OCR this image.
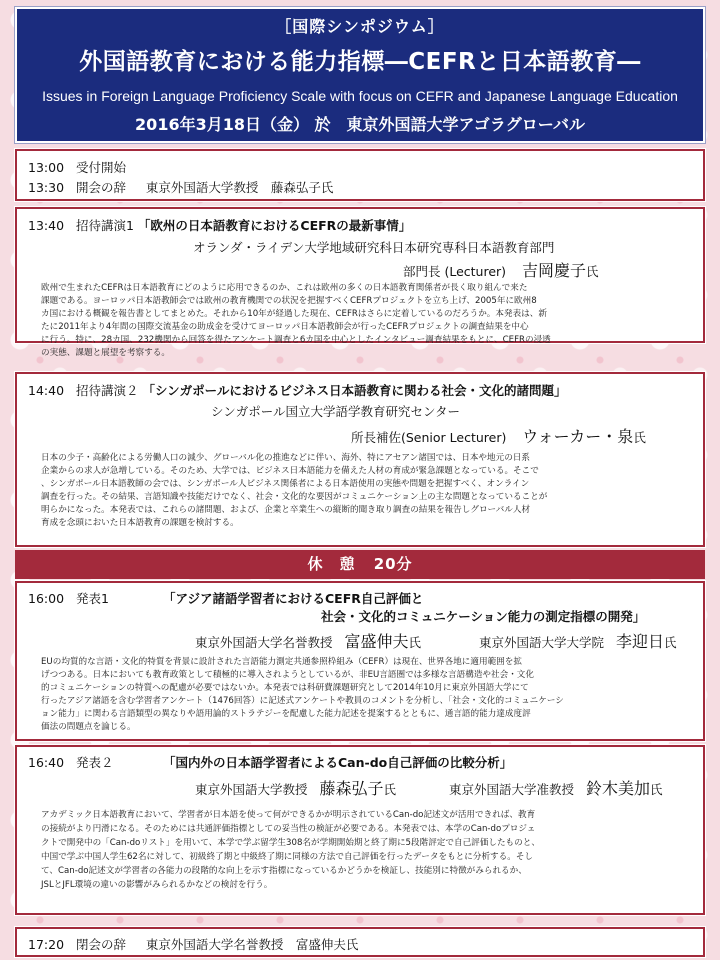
［国際シンポジウム］
外国語教育における能力指標―CEFRと日本語教育―
Issues in Foreign Language Proficiency Scale with focus on CEFR and Japanese Language Education
2016年3月18日（金） 於　東京外国語大学アゴラグローバル
13:00 受付開始
13:30 開会の辞 東京外国語大学教授　藤森弘子氏
13:40 招待講演1 「欧州の日本語教育におけるCEFRの最新事情」
オランダ・ライデン大学地域研究科日本研究専科日本語教育部門
部門長 (Lecturer) 吉岡慶子氏
欧州で生まれたCEFRは日本語教育にどのように応用できるのか、これは欧州の多くの日本語教育関係者が長く取り組んで来た
課題である。ヨーロッパ日本語教師会では欧州の教育機関での状況を把握すべくCEFRプロジェクトを立ち上げ、2005年に欧州8
カ国における概観を報告書としてまとめた。それから10年が経過した現在、CEFRはさらに定着しているのだろうか。本発表は、新
たに2011年より4年間の国際交流基金の助成金を受けてヨーロッパ日本語教師会が行ったCEFRプロジェクトの調査結果を中心
に行う。特に、28カ国、232機関から回答を得たアンケート調査と6カ国を中心としたインタビュー調査結果をもとに、CEFRの浸透
の実態、課題と展望を考察する。
14:40 招待講演２ 「シンガポールにおけるビジネス日本語教育に関わる社会・文化的諸問題」
シンガポール国立大学語学教育研究センター
所長補佐(Senior Lecturer) ウォーカー・泉氏
日本の少子・高齢化による労働人口の減少、グローバル化の推進などに伴い、海外、特にアセアン諸国では、日本や地元の日系
企業からの求人が急増している。そのため、大学では、ビジネス日本語能力を備えた人材の育成が緊急課題となっている。そこで
、シンガポール日本語教師の会では、シンガポール人ビジネス関係者による日本語使用の実態や問題を把握すべく、オンライン
調査を行った。その結果、言語知識や技能だけでなく、社会・文化的な要因がコミュニケーション上の主な問題となっていることが
明らかになった。本発表では、これらの諸問題、および、企業と卒業生への縦断的聞き取り調査の結果を報告しグローバル人材
育成を念頭においた日本語教育の課題を検討する。
休　憩 20分
16:00 発表1	「アジア諸語学習者におけるCEFR自己評価と
社会・文化的コミュニケーション能力の測定指標の開発」
東京外国語大学名誉教授 富盛伸夫氏	東京外国語大学大学院 李迎日氏
EUの均質的な言語・文化的特質を背景に設計された言語能力測定共通参照枠組み（CEFR）は現在、世界各地に適用範囲を拡
げつつある。日本においても教育政策として積極的に導入されようとしているが、非EU言語圏では多様な言語構造や社会・文化
的コミュニケーションの特質への配慮が必要ではないか。本発表では科研費課題研究として2014年10月に東京外国語大学にて
行ったアジア諸語を含む学習者アンケート（1476回答）に記述式アンケートや教員のコメントを分析し、「社会・文化的コミュニケーシ
ョン能力」に関わる言語類型の異なりや語用論的ストラテジーを配慮した能力記述を提案するとともに、通言語的能力達成度評
価法の問題点を論じる。
16:40 発表２	「国内外の日本語学習者によるCan-do自己評価の比較分析」
東京外国語大学教授 藤森弘子氏	東京外国語大学准教授 鈴木美加氏
アカデミック日本語教育において、学習者が日本語を使って何ができるかが明示されているCan-do記述文が活用できれば、教育
の接続がより円滑になる。そのためには共通評価指標としての妥当性の検証が必要である。本発表では、本学のCan-doプロジェ
クトで開発中の「Can-doリスト」を用いて、本学で学ぶ留学生308名が学期開始期と終了期に5段階評定で自己評価したものと、
中国で学ぶ中国人学生62名に対して、初級終了期と中級終了期に同様の方法で自己評価を行ったデータをもとに分析する。そし
て、Can-do記述文が学習者の各能力の段階的な向上を示す指標になっているかどうかを検証し、技能別に特徴がみられるか、
JSLとJFL環境の違いの影響がみられるかなどの検討を行う。
17:20 閉会の辞 東京外国語大学名誉教授　富盛伸夫氏
